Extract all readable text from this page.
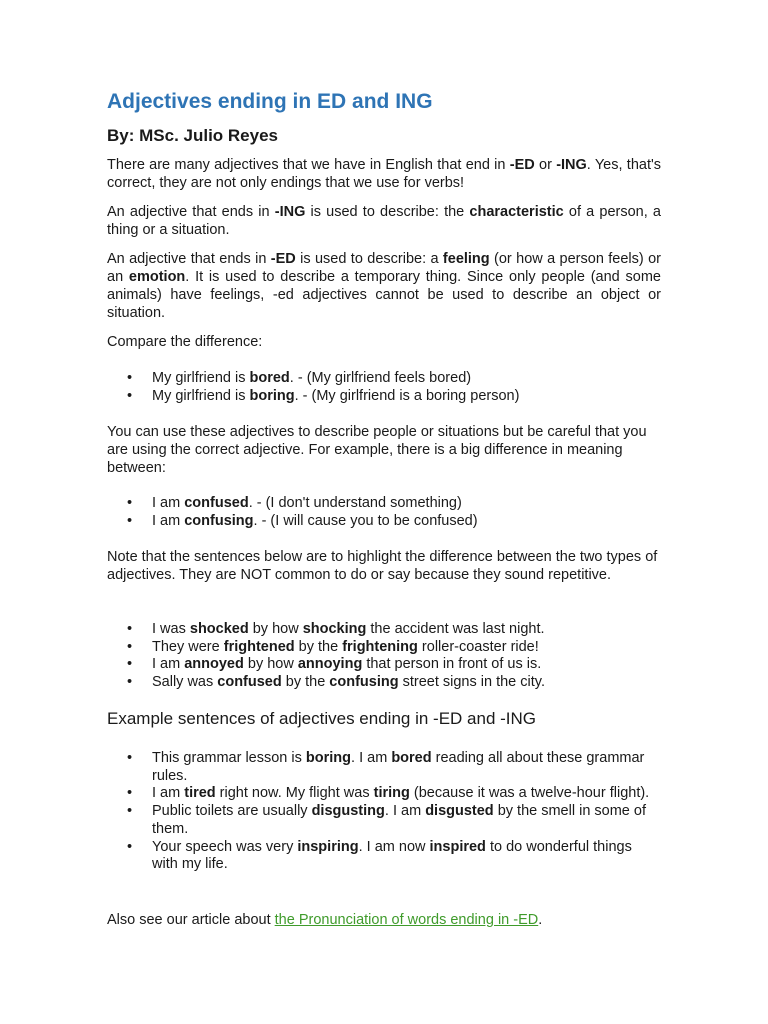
Adjectives ending in ED and ING
By: MSc. Julio Reyes

There are many adjectives that we have in English that end in -ED or -ING. Yes, that's correct, they are not only endings that we use for verbs!

An adjective that ends in -ING is used to describe: the characteristic of a person, a thing or a situation.

An adjective that ends in -ED is used to describe: a feeling (or how a person feels) or an emotion. It is used to describe a temporary thing. Since only people (and some animals) have feelings, -ed adjectives cannot be used to describe an object or situation.

Compare the difference:

• My girlfriend is bored. - (My girlfriend feels bored)
• My girlfriend is boring. - (My girlfriend is a boring person)

You can use these adjectives to describe people or situations but be careful that you are using the correct adjective. For example, there is a big difference in meaning between:

• I am confused. - (I don't understand something)
• I am confusing. - (I will cause you to be confused)

Note that the sentences below are to highlight the difference between the two types of adjectives. They are NOT common to do or say because they sound repetitive.

• I was shocked by how shocking the accident was last night.
• They were frightened by the frightening roller-coaster ride!
• I am annoyed by how annoying that person in front of us is.
• Sally was confused by the confusing street signs in the city.
Example sentences of adjectives ending in -ED and -ING
• This grammar lesson is boring. I am bored reading all about these grammar rules.
• I am tired right now. My flight was tiring (because it was a twelve-hour flight).
• Public toilets are usually disgusting. I am disgusted by the smell in some of them.
• Your speech was very inspiring. I am now inspired to do wonderful things with my life.

Also see our article about the Pronunciation of words ending in -ED.
